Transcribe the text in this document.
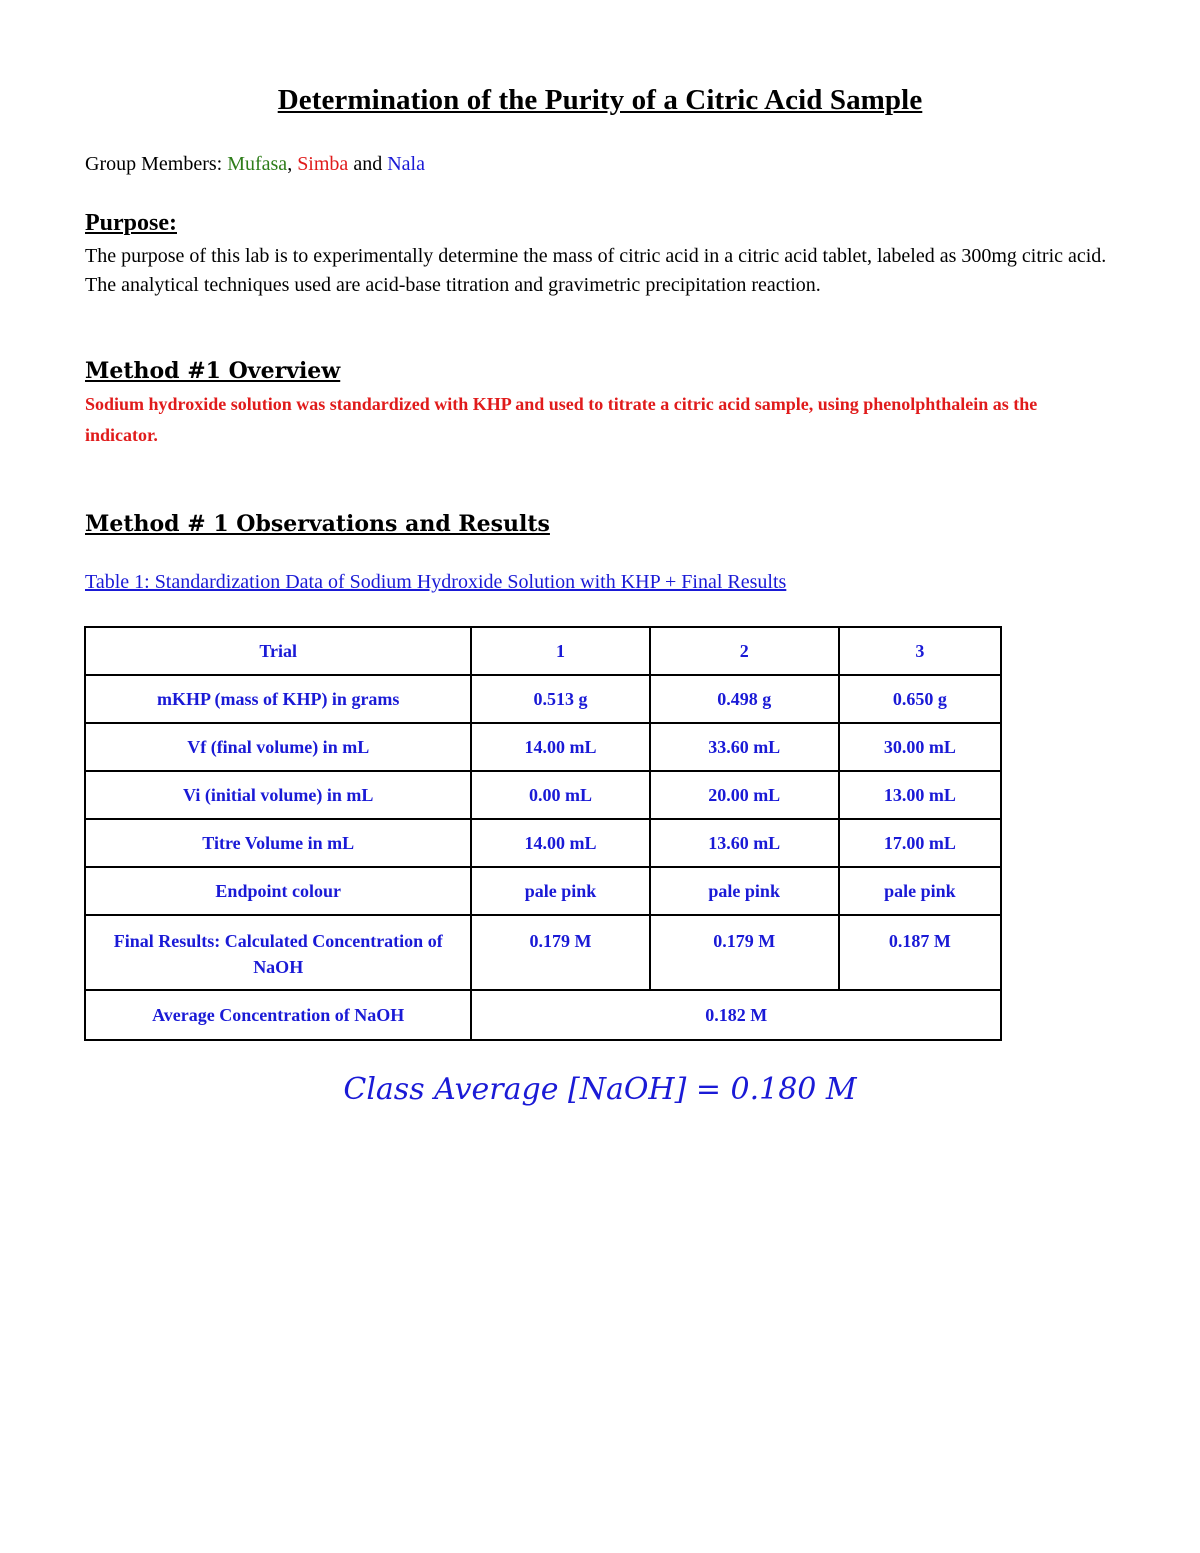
Determination of the Purity of a Citric Acid Sample
Group Members: Mufasa, Simba and Nala
Purpose:
The purpose of this lab is to experimentally determine the mass of citric acid in a citric acid tablet, labeled as 300mg citric acid. The analytical techniques used are acid-base titration and gravimetric precipitation reaction.
Method #1 Overview
Sodium hydroxide solution was standardized with KHP and used to titrate a citric acid sample, using phenolphthalein as the indicator.
Method # 1 Observations and Results
Table 1: Standardization Data of Sodium Hydroxide Solution with KHP + Final Results
Trial	1	2	3
mKHP (mass of KHP) in grams	0.513 g	0.498 g	0.650 g
Vf (final volume) in mL	14.00 mL	33.60 mL	30.00 mL
Vi (initial volume) in mL	0.00 mL	20.00 mL	13.00 mL
Titre Volume in mL	14.00 mL	13.60 mL	17.00 mL
Endpoint colour	pale pink	pale pink	pale pink
Final Results: Calculated Concentration of NaOH	0.179 M	0.179 M	0.187 M
Average Concentration of NaOH	0.182 M		
Class Average [NaOH] = 0.180 M
